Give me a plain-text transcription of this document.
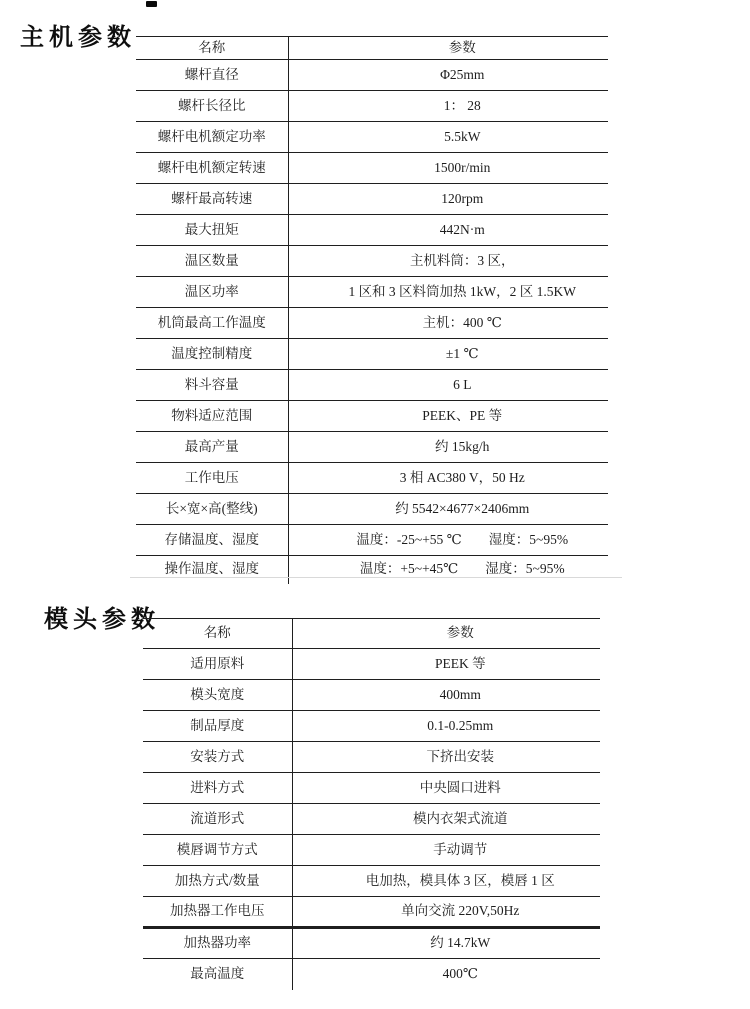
主机参数	名称	参数
螺杆直径	Φ25mm
螺杆长径比	1： 28
螺杆电机额定功率	5.5kW
螺杆电机额定转速	1500r/min
螺杆最高转速	120rpm
最大扭矩	442N·m
温区数量	主机料筒：3 区，
温区功率	1 区和 3 区料筒加热 1kW，2 区 1.5KW
机筒最高工作温度	主机：400 ℃
温度控制精度	±1 ℃
料斗容量	6 L
物料适应范围	PEEK、PE 等
最高产量	约 15kg/h
工作电压	3 相 AC380 V，50 Hz
长×宽×高(整线)	约 5542×4677×2406mm
存储温度、湿度	温度：-25~+55 ℃　　湿度：5~95%
操作温度、湿度	温度：+5~+45℃　　湿度：5~95%
模头参数	名称	参数
适用原料	PEEK 等
模头宽度	400mm
制品厚度	0.1-0.25mm
安装方式	下挤出安装
进料方式	中央圆口进料
流道形式	模内衣架式流道
模唇调节方式	手动调节
加热方式/数量	电加热，模具体 3 区，模唇 1 区
加热器工作电压	单向交流 220V,50Hz
加热器功率	约 14.7kW
最高温度	400℃
